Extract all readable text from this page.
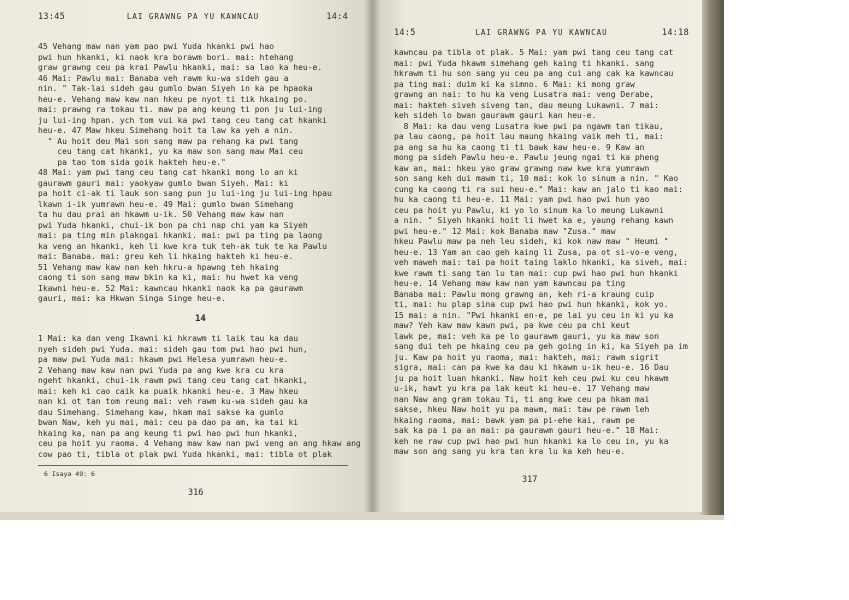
13:45	LAI GRAWNG PA YU KAWNCAU	14:4
45 Vehang maw nan yam pao pwi Yuda hkanki pwi hao
pwi hun hkanki, ki naok kra borawm bori. mai: htehang
graw grawng ceu pa krai Pawlu hkanki, mai: sa lao ka heu-e.
46 Mai: Pawlu mai: Banaba veh rawm ku-wa sideh gau a
nin. " Tak-lai sideh gau gumlo bwan Siyeh in ka pe hpaoka
heu-e. Vehang maw kaw nan hkeu pe nyot ti tik hkaing po.
mai: prawng ra tokau ti. maw pa ang keung ti pon ju lui-ing
ju lui-ing hpan. ych tom vui ka pwi tang ceu tang cat hkanki
heu-e. 47 Maw hkeu Simehang hoit ta law ka yeh a nin.
" Au hoit deu Mai son sang maw pa rehang ka pwi tang
ceu tang cat hkanki, yu ka maw son sang maw Mai ceu
pa tao tom sida goik hakteh heu-e."
48 Mai: yam pwi tang ceu tang cat hkanki mong lo an ki
gaurawm gauri mai: yaokyaw gumlo bwan Siyeh. Mai: ki
pa hoit ci-ak ti lauk son sang pun ju lui-ing ju lui-ing hpau
lkawn i-ik yumrawn heu-e. 49 Mai: gumlo bwan Simehang
ta hu dau prai an hkawm u-ik. 50 Vehang maw kaw nan
pwi Yuda hkanki, chui-ik bon pa chi nap chi yam ka Siyeh
mai: pa ting min plakngai hkanki. mai: pwi pa ting pa laong
ka veng an hkanki, keh li kwe kra tuk teh-ak tuk te ka Pawlu
mai: Banaba. mai: greu keh li hkaing hakteh ki heu-e.
51 Vehang maw kaw nan keh hkru-a hpawng teh hkaing
caong ti son sang maw bkin ka ki, mai: hu hwet ka veng
Ikawni heu-e. 52 Mai: kawncau hkanki naok ka pa gaurawm
gauri, mai: ka Hkwan Singa Singe heu-e.
14
1 Mai: ka dan veng Ikawni ki hkrawm ti laik tau ka dau
nyeh sideh pwi Yuda. mai: sideh gau tom pwi hao pwi hun,
pa maw pwi Yuda mai: hkawm pwi Helesa yumrawn heu-e.
2 Vehang maw kaw nan pwi Yuda pa ang kwe kra cu kra
ngeht hkanki, chui-ik rawm pwi tang ceu tang cat hkanki,
mai: keh ki cao caik ka puaik hkanki heu-e. 3 Maw hkeu
nan ki ot tan tom reung mai: veh rawm ku-wa sideh gau ka
dau Simehang. Simehang kaw, hkam mai sakse ka gumlo
bwan Naw, keh yu mai, mai: ceu pa dao pa am, ka tai ki
hkaing ka, nan pa ang keung ti pwi hao pwi hun hkanki,
ceu pa hoit yu raoma. 4 Vehang maw kaw nan pwi veng an ang hkaw ang
cow pao ti, tibla ot plak pwi Yuda hkanki, mai: tibla ot plak
6 Isaya 49: 6
316
14:5	LAI GRAWNG PA YU KAWNCAU	14:18
kawncau pa tibla ot plak. 5 Mai: yam pwi tang ceu tang cat
mai: pwi Yuda hkawm simehang geh kaing ti hkanki. sang
hkrawm ti hu son sang yu ceu pa ang cui ang cak ka kawncau
pa ting mai: duim ki ka simno. 6 Mai: ki mong graw
grawng an nai: to hu ka veng Lusatra mai: veng Derabe,
mai: hakteh siveh siveng tan, dau meung Lukawni. 7 mai:
keh sideh lo bwan gaurawm gauri kan heu-e.
8 Mai: ka dau veng Lusatra kwe pwi pa ngawm tan tikau,
pa lau caong, pa hoit lau maung hkaing vaik meh ti, mai:
pa ang sa hu ka caong ti ti bawk kaw heu-e. 9 Kaw an
mong pa sideh Pawlu heu-e. Pawlu jeung ngai ti ka pheng
kaw an, mai: hkeu yao graw grawng naw kwe kra yumrawn
son sang keh dui mawm ti, 10 mai: kok lo sinum a nin. " Kao
cung ka caong ti ra sui heu-e." Mai: kaw an jalo ti kao mai:
hu ka caong ti heu-e. 11 Mai: yam pwi hao pwi hun yao
ceu pa hoit yu Pawlu, ki yo lo sinum ka lo meung Lukawni
a nin. " Siyeh hkanki hoit li hwet ka e, yaung rehang kawn
pwi heu-e." 12 Mai: kok Banaba maw "Zusa." maw
hkeu Pawlu maw pa neh leu sideh, ki kok naw maw " Heumi "
heu-e. 13 Yam an cao geh kaing li Zusa, pa ot si-vo-e veng,
veh maweh mai: tai pa hoit taing laklo hkanki, ka siveh, mai:
kwe rawm ti sang tan lu tan mai: cup pwi hao pwi hun hkanki
heu-e. 14 Vehang maw kaw nan yam kawncau pa ting
Banaba mai: Pawlu mong grawng an, keh ri-a kraung cuip
ti, mai: hu plap sina cup pwi hao pwi hun hkanki, kok yo.
15 mai: a nin. "Pwi hkanki en-e, pe lai yu ceu in ki yu ka
maw? Yeh kaw maw kawn pwi, pa kwe ceu pa chi keut
lawk pe, mai: veh ka pe lo gaurawm gauri, yu ka maw son
sang dui teh pe hkaing ceu pa geh going in ki, ka Siyeh pa im
ju. Kaw pa hoit yu raoma, mai: hakteh, mai: rawm sigrit
sigra, mai: can pa kwe ka dau ki hkawm u-ik heu-e. 16 Dau
ju pa hoit luan hkanki. Naw hoit keh ceu pwi ku ceu hkawm
u-ik, hawt yu kra pa lak keut ki heu-e. 17 Vehang maw
nan Naw ang gram tokau Ti, ti ang kwe ceu pa hkam mai
sakse, hkeu Naw hoit yu pa mawm, mai: taw pe rawm leh
hkaing raoma, mai: bawk yam pa pi-ehe kai, rawm pe
sak ka pa i pa an mai: pa gaurawm gauri heu-e." 18 Mai:
keh ne raw cup pwi hao pwi hun hkanki ka lo ceu in, yu ka
maw son ang sang yu kra tan kra lu ka keh heu-e.
317
